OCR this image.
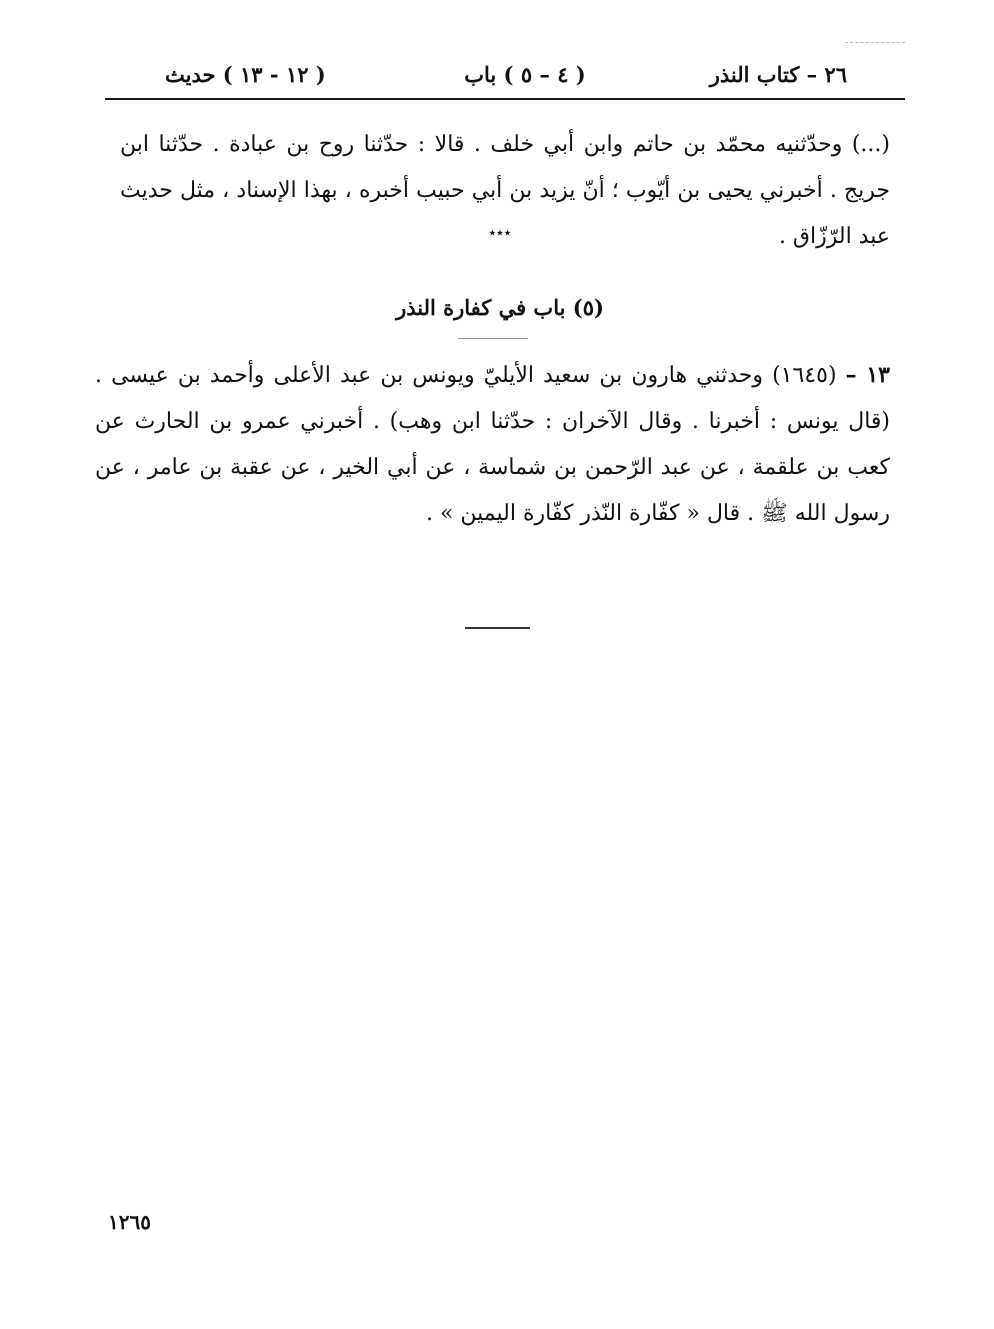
٢٦ – كتاب النذر
( ٤ – ٥ ) باب
( ١٢ - ١٣ ) حديث
(...) وحدّثنيه محمّد بن حاتم وابن أبي خلف . قالا : حدّثنا روح بن عبادة . حدّثنا ابن جريج . أخبرني يحيى بن أيّوب ؛ أنّ يزيد بن أبي حبيب أخبره ، بهذا الإسناد ، مثل حديث عبد الرّزّاق .
٭٭٭
(٥) باب في كفارة النذر
١٣ – (١٦٤٥) وحدثني هارون بن سعيد الأيليّ ويونس بن عبد الأعلى وأحمد بن عيسى . (قال يونس : أخبرنا . وقال الآخران : حدّثنا ابن وهب) . أخبرني عمرو بن الحارث عن كعب بن علقمة ، عن عبد الرّحمن بن شماسة ، عن أبي الخير ، عن عقبة بن عامر ، عن رسول الله ﷺ . قال « كفّارة النّذر كفّارة اليمين » .
١٢٦٥
